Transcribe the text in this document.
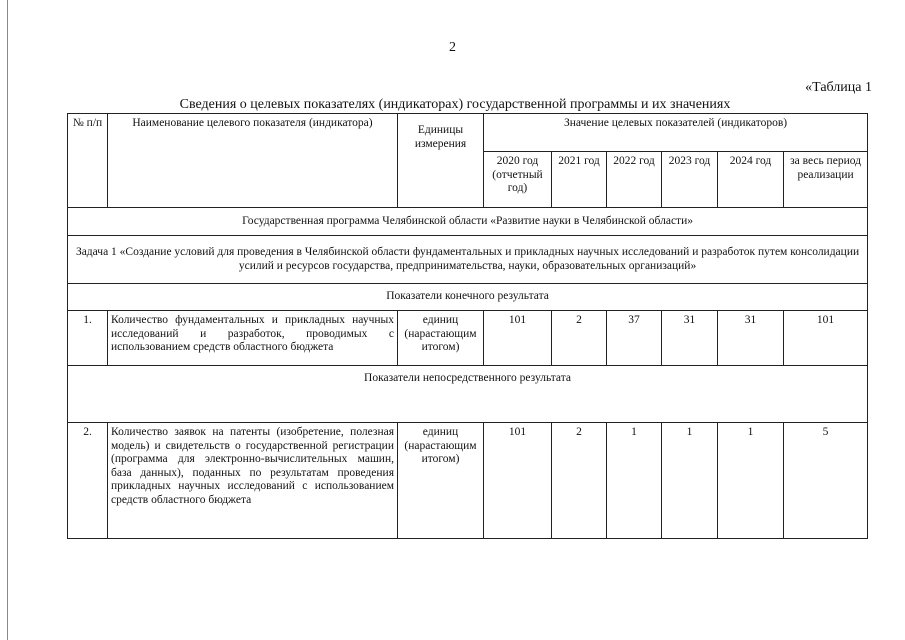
2
«Таблица 1
Сведения о целевых показателях (индикаторах) государственной программы и их значениях
№ п/п	Наименование целевого показателя (индикатора)	Единицы измерения	Значение целевых показателей (индикаторов)					
			2020 год (отчетный год)	2021 год	2022 год	2023 год	2024 год	за весь период реализации
Государственная программа Челябинской области «Развитие науки в Челябинской области»								
Задача 1 «Создание условий для проведения в Челябинской области фундаментальных и прикладных научных исследований и разработок путем консолидации усилий и ресурсов государства, предпринимательства, науки, образовательных организаций»								
Показатели конечного результата								
1.	Количество фундаментальных и прикладных научных исследований и разработок, проводимых с использованием средств областного бюджета	единиц (нарастающим итогом)	101	2	37	31	31	101
Показатели непосредственного результата								
2.	Количество заявок на патенты (изобретение, полезная модель) и свидетельств о государственной регистрации (программа для электронно-вычислительных машин, база данных), поданных по результатам проведения прикладных научных исследований с использованием средств областного бюджета	единиц (нарастающим итогом)	101	2	1	1	1	5
